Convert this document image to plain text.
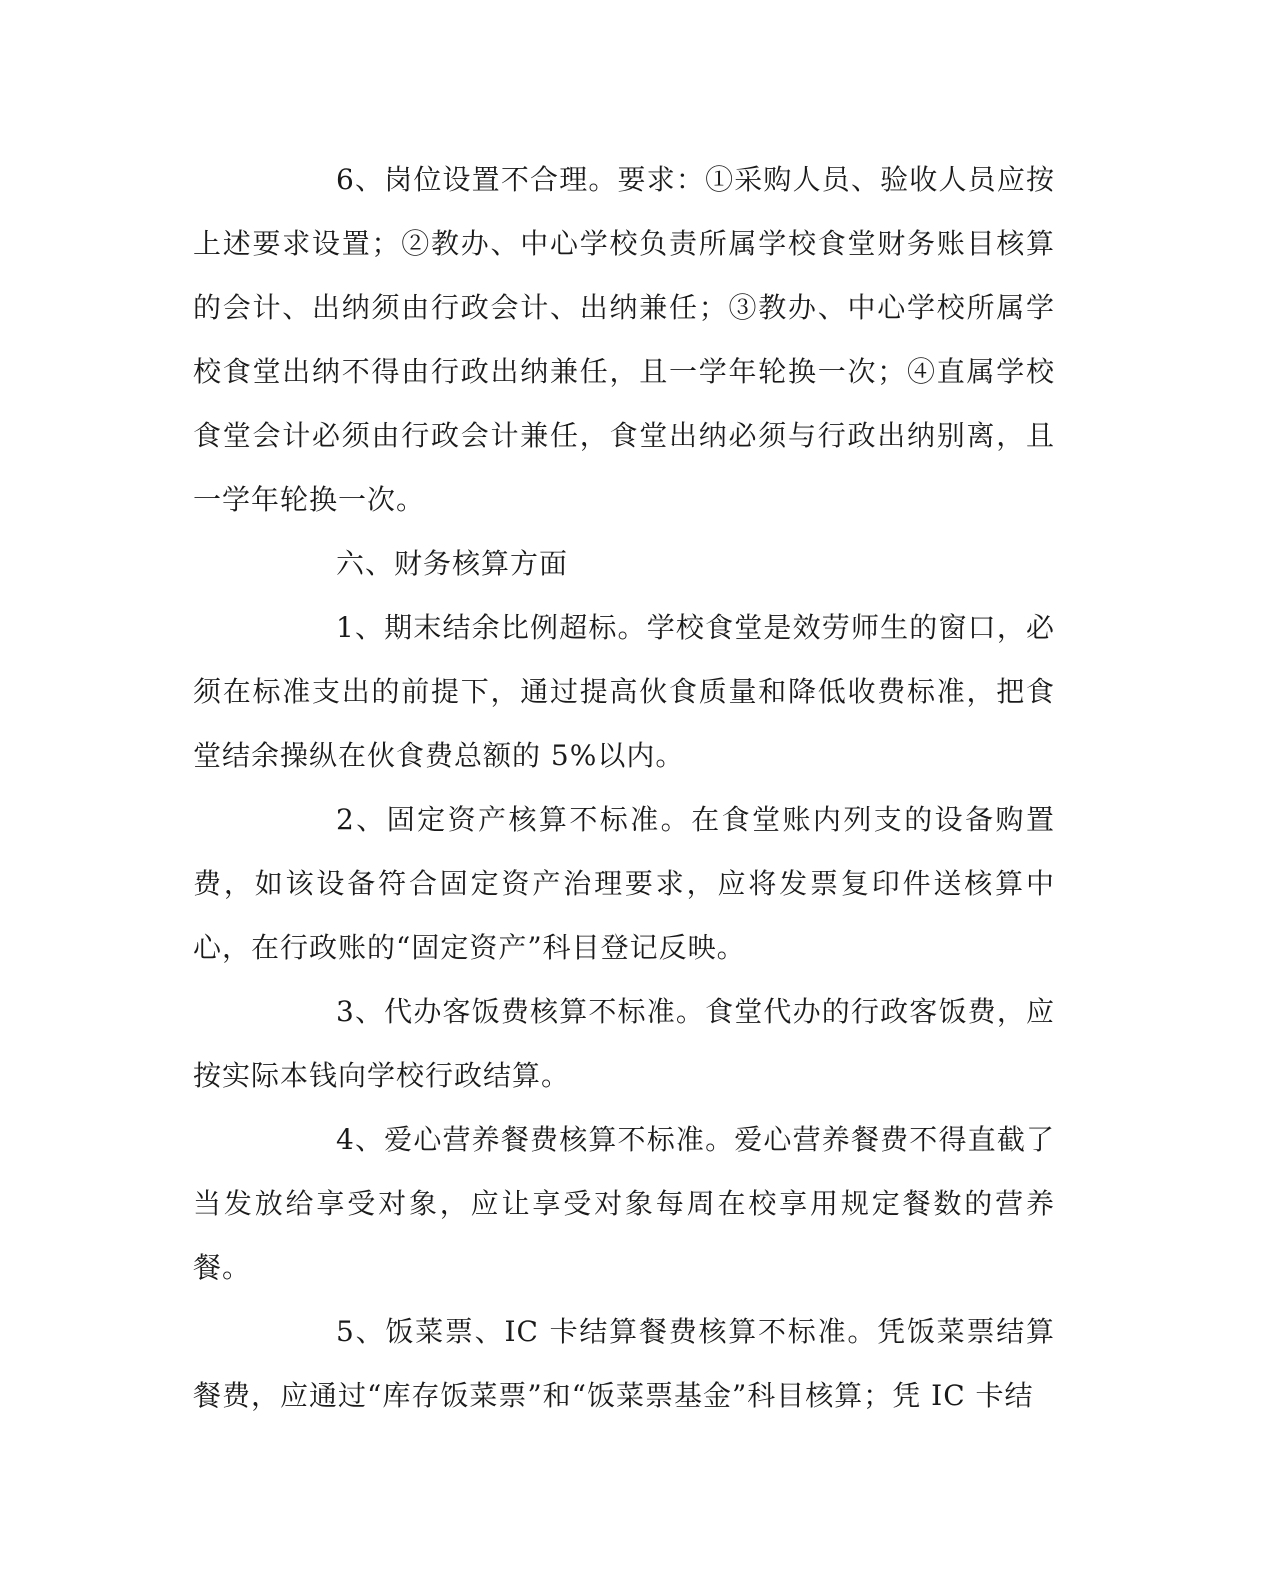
6、岗位设置不合理。要求：①采购人员、验收人员应按上述要求设置；②教办、中心学校负责所属学校食堂财务账目核算的会计、出纳须由行政会计、出纳兼任；③教办、中心学校所属学校食堂出纳不得由行政出纳兼任，且一学年轮换一次；④直属学校食堂会计必须由行政会计兼任，食堂出纳必须与行政出纳别离，且一学年轮换一次。

六、财务核算方面

1、期末结余比例超标。学校食堂是效劳师生的窗口，必须在标准支出的前提下，通过提高伙食质量和降低收费标准，把食堂结余操纵在伙食费总额的 5%以内。

2、固定资产核算不标准。在食堂账内列支的设备购置费，如该设备符合固定资产治理要求，应将发票复印件送核算中心，在行政账的“固定资产”科目登记反映。

3、代办客饭费核算不标准。食堂代办的行政客饭费，应按实际本钱向学校行政结算。

4、爱心营养餐费核算不标准。爱心营养餐费不得直截了当发放给享受对象，应让享受对象每周在校享用规定餐数的营养餐。

5、饭菜票、IC 卡结算餐费核算不标准。凭饭菜票结算餐费，应通过“库存饭菜票”和“饭菜票基金”科目核算；凭 IC 卡结
